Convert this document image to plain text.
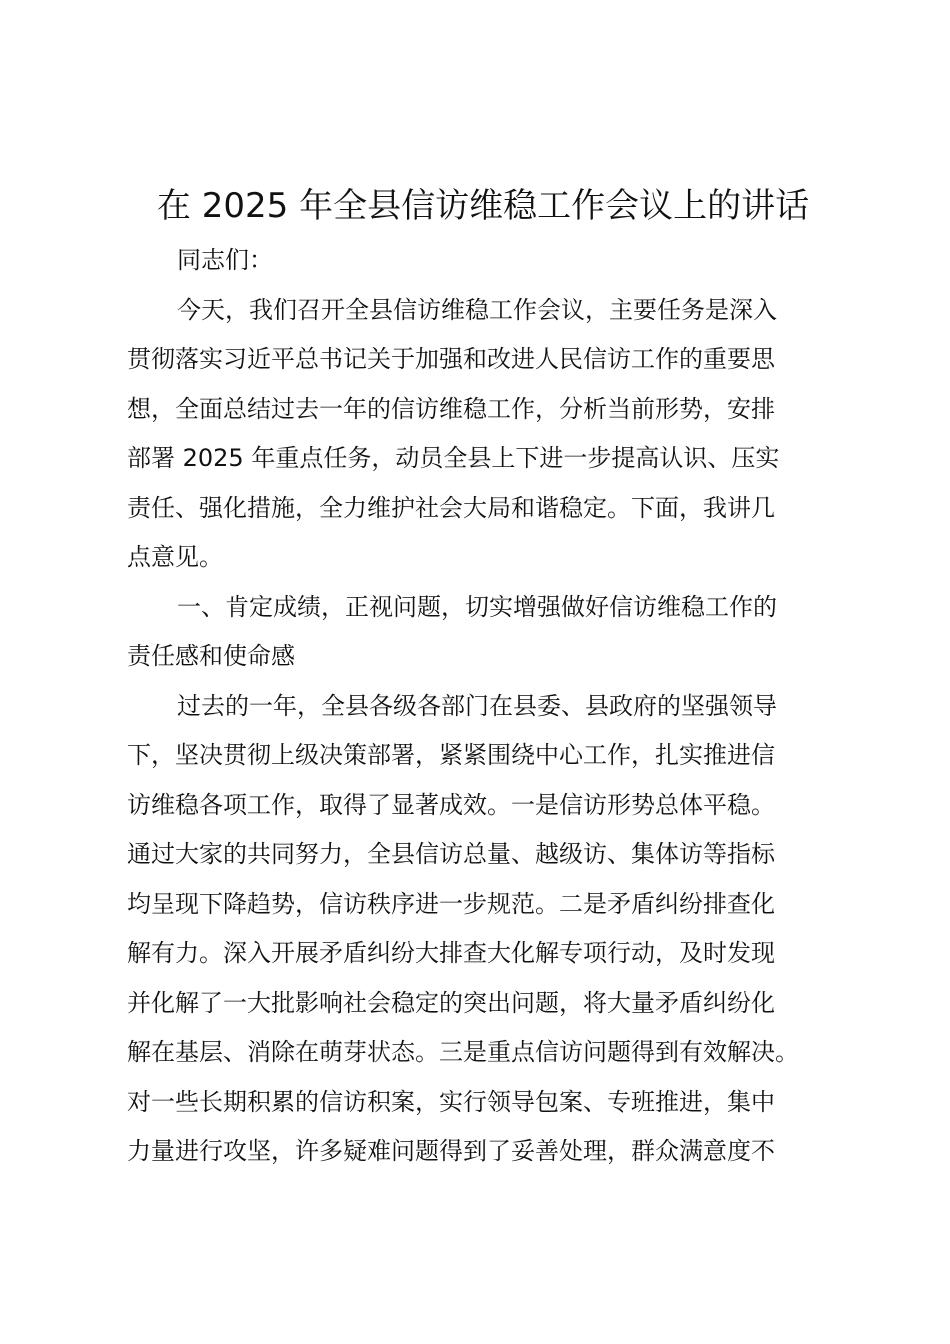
在 2025 年全县信访维稳工作会议上的讲话

同志们：

今天，我们召开全县信访维稳工作会议，主要任务是深入

贯彻落实习近平总书记关于加强和改进人民信访工作的重要思

想，全面总结过去一年的信访维稳工作，分析当前形势，安排

部署 2025 年重点任务，动员全县上下进一步提高认识、压实

责任、强化措施，全力维护社会大局和谐稳定。下面，我讲几

点意见。

一、肯定成绩，正视问题，切实增强做好信访维稳工作的

责任感和使命感

过去的一年，全县各级各部门在县委、县政府的坚强领导

下，坚决贯彻上级决策部署，紧紧围绕中心工作，扎实推进信

访维稳各项工作，取得了显著成效。一是信访形势总体平稳。

通过大家的共同努力，全县信访总量、越级访、集体访等指标

均呈现下降趋势，信访秩序进一步规范。二是矛盾纠纷排查化

解有力。深入开展矛盾纠纷大排查大化解专项行动，及时发现

并化解了一大批影响社会稳定的突出问题，将大量矛盾纠纷化

解在基层、消除在萌芽状态。三是重点信访问题得到有效解决。

对一些长期积累的信访积案，实行领导包案、专班推进，集中

力量进行攻坚，许多疑难问题得到了妥善处理，群众满意度不
